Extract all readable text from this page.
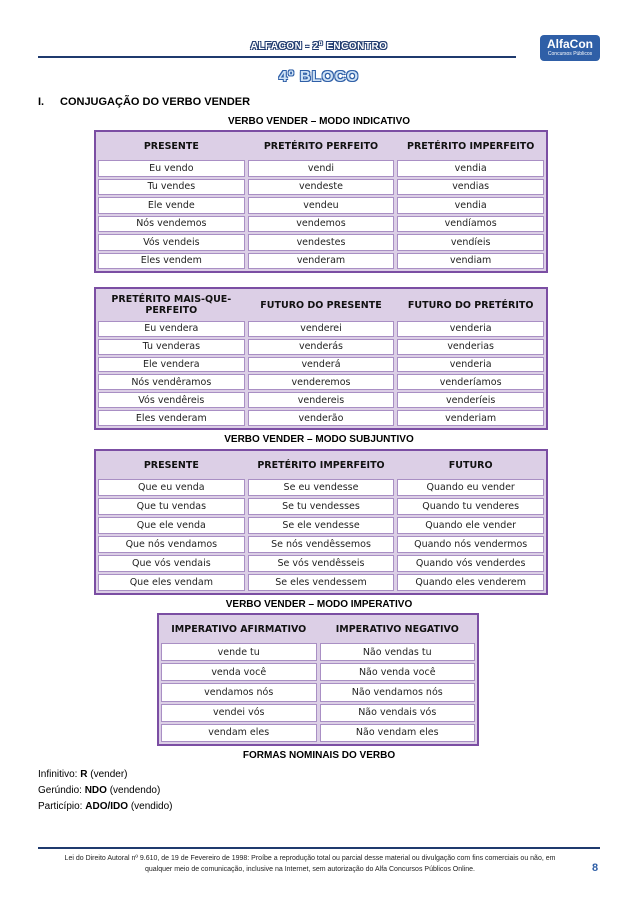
ALFACON - 2º ENCONTRO	AlfaCon
Concursos Públicos
4º BLOCO
I. CONJUGAÇÃO DO VERBO VENDER
VERBO VENDER – MODO INDICATIVO
PRESENTE	PRETÉRITO PERFEITO	PRETÉRITO IMPERFEITO
Eu vendo	vendi	vendia
Tu vendes	vendeste	vendias
Ele vende	vendeu	vendia
Nós vendemos	vendemos	vendíamos
Vós vendeis	vendestes	vendíeis
Eles vendem	venderam	vendiam
PRETÉRITO MAIS-QUE-PERFEITO	FUTURO DO PRESENTE	FUTURO DO PRETÉRITO
Eu vendera	venderei	venderia
Tu venderas	venderás	venderias
Ele vendera	venderá	venderia
Nós vendêramos	venderemos	venderíamos
Vós vendêreis	vendereis	venderíeis
Eles venderam	venderão	venderiam
VERBO VENDER – MODO SUBJUNTIVO
PRESENTE	PRETÉRITO IMPERFEITO	FUTURO
Que eu venda	Se eu vendesse	Quando eu vender
Que tu vendas	Se tu vendesses	Quando tu venderes
Que ele venda	Se ele vendesse	Quando ele vender
Que nós vendamos	Se nós vendêssemos	Quando nós vendermos
Que vós vendais	Se vós vendêsseis	Quando vós venderdes
Que eles vendam	Se eles vendessem	Quando eles venderem
VERBO VENDER – MODO IMPERATIVO
IMPERATIVO AFIRMATIVO	IMPERATIVO NEGATIVO
vende tu	Não vendas tu
venda você	Não venda você
vendamos nós	Não vendamos nós
vendei vós	Não vendais vós
vendam eles	Não vendam eles
FORMAS NOMINAIS DO VERBO
Infinitivo: R (vender)
Gerúndio: NDO (vendendo)
Particípio: ADO/IDO (vendido)
Lei do Direito Autoral nº 9.610, de 19 de Fevereiro de 1998: Proíbe a reprodução total ou parcial desse material ou divulgação com fins comerciais ou não, em qualquer meio de comunicação, inclusive na Internet, sem autorização do Alfa Concursos Públicos Online.	8
